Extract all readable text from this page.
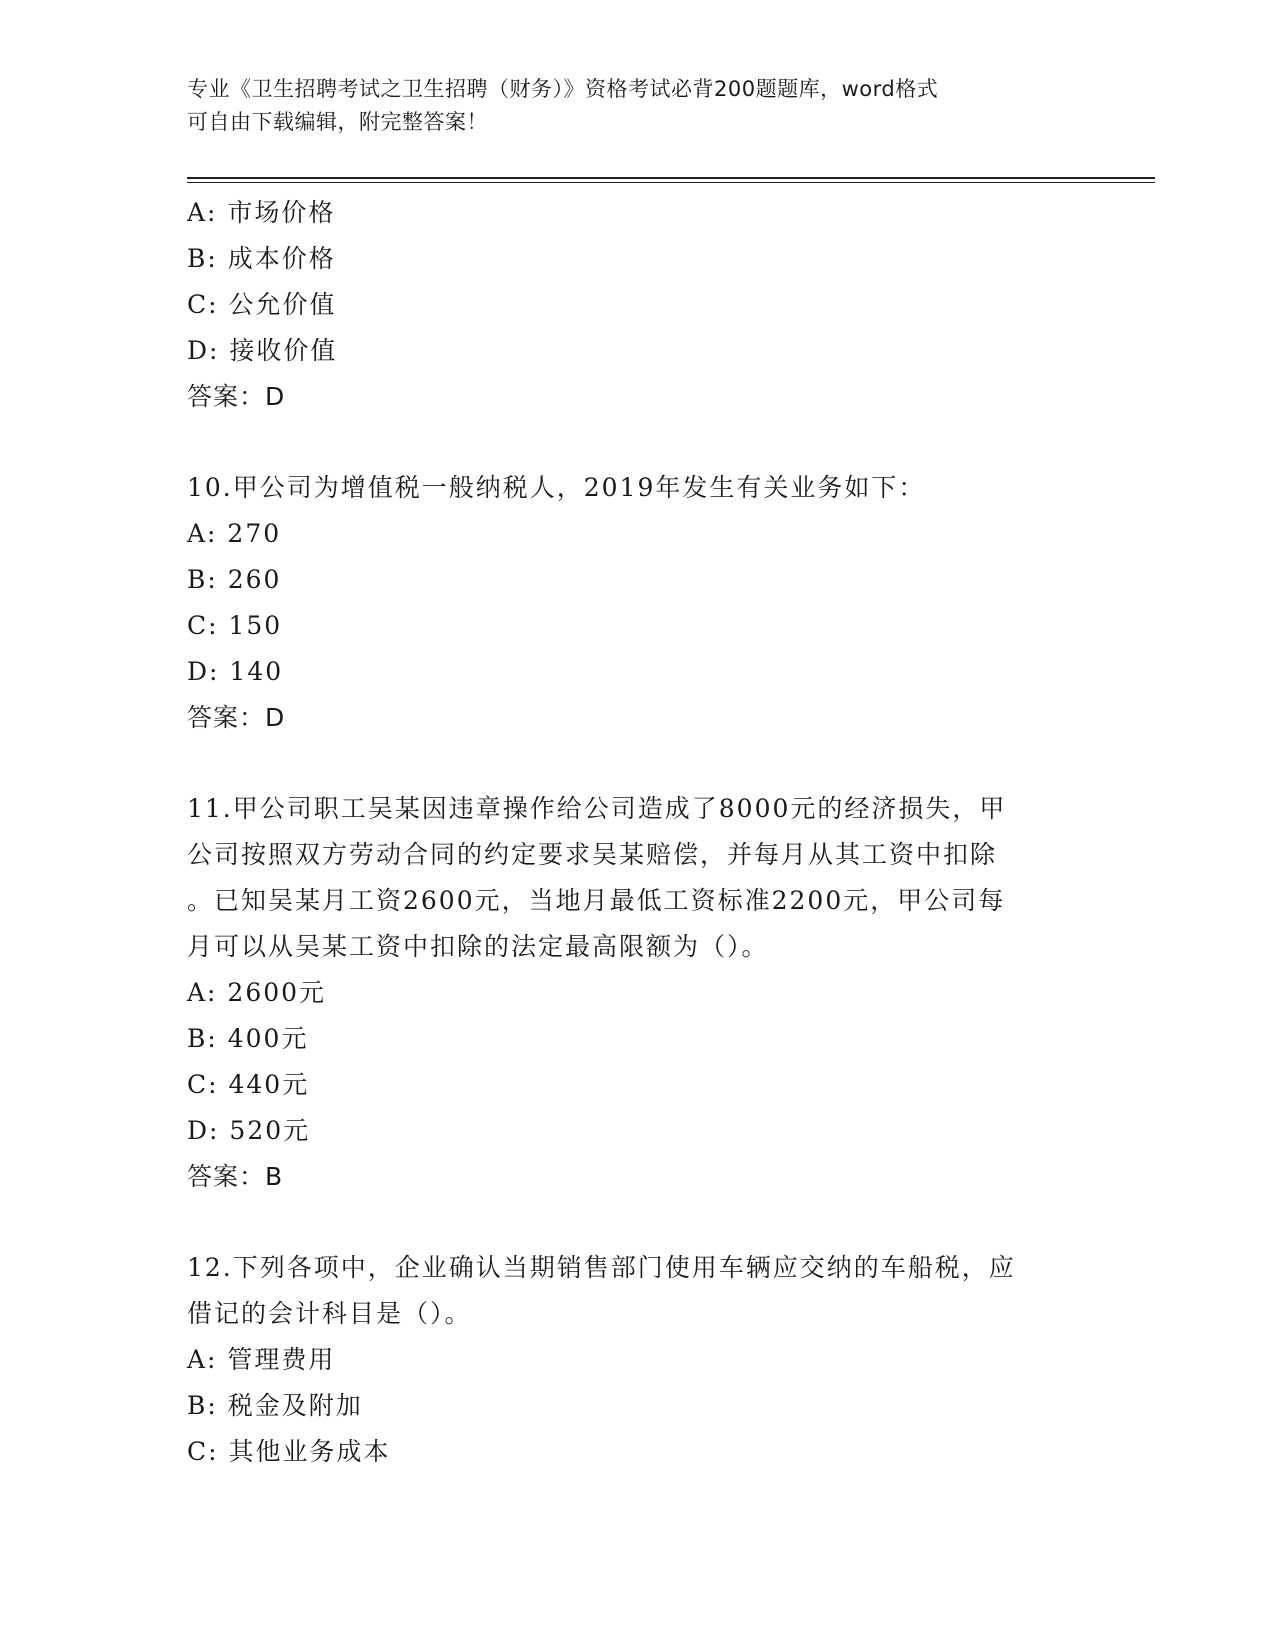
专业《卫生招聘考试之卫生招聘（财务）》资格考试必背200题题库，word格式
可自由下载编辑，附完整答案！
A: 市场价格
B: 成本价格
C: 公允价值
D: 接收价值
答案：D
10.甲公司为增值税一般纳税人，2019年发生有关业务如下：
A: 270
B: 260
C: 150
D: 140
答案：D
11.甲公司职工吴某因违章操作给公司造成了8000元的经济损失，甲
公司按照双方劳动合同的约定要求吴某赔偿，并每月从其工资中扣除
。已知吴某月工资2600元，当地月最低工资标准2200元，甲公司每
月可以从吴某工资中扣除的法定最高限额为（）。
A: 2600元
B: 400元
C: 440元
D: 520元
答案：B
12.下列各项中，企业确认当期销售部门使用车辆应交纳的车船税，应
借记的会计科目是（）。
A: 管理费用
B: 税金及附加
C: 其他业务成本
